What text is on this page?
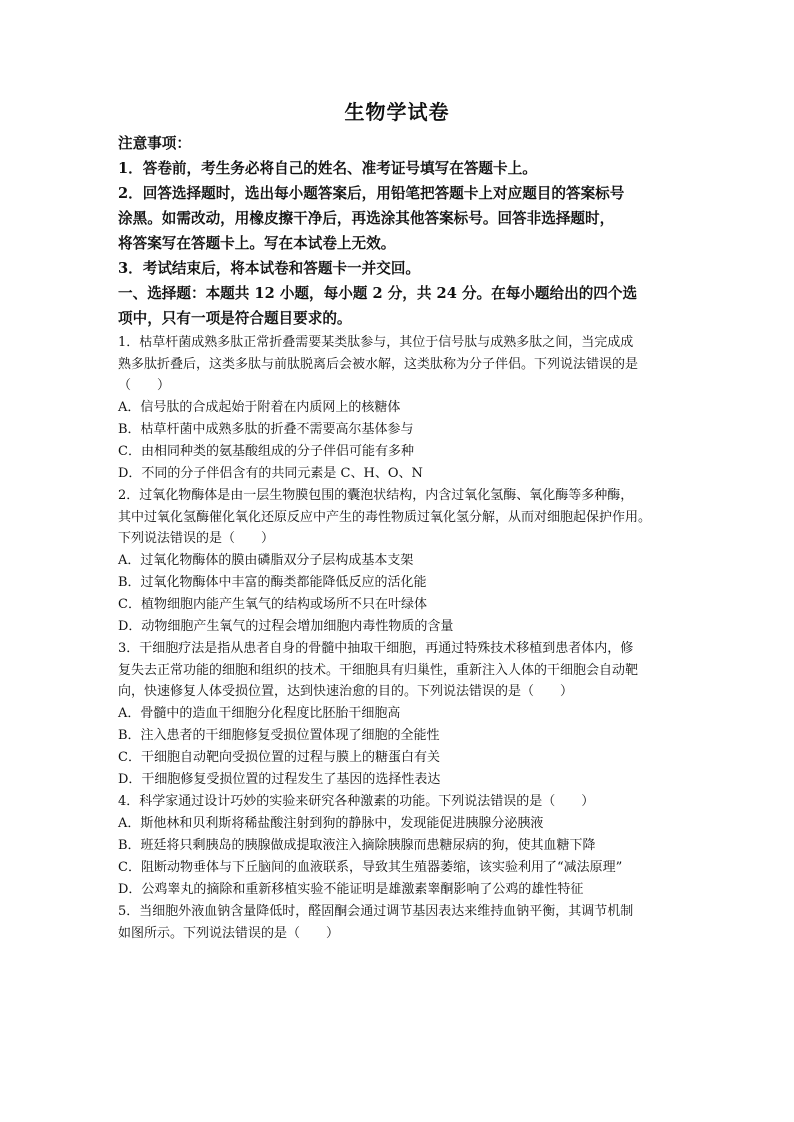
生物学试卷
注意事项：
1．答卷前，考生务必将自己的姓名、准考证号填写在答题卡上。
2．回答选择题时，选出每小题答案后，用铅笔把答题卡上对应题目的答案标号
涂黑。如需改动，用橡皮擦干净后，再选涂其他答案标号。回答非选择题时，
将答案写在答题卡上。写在本试卷上无效。
3．考试结束后，将本试卷和答题卡一并交回。
一、选择题：本题共 12 小题，每小题 2 分，共 24 分。在每小题给出的四个选
项中，只有一项是符合题目要求的。
1．枯草杆菌成熟多肽正常折叠需要某类肽参与，其位于信号肽与成熟多肽之间，当完成成
熟多肽折叠后，这类多肽与前肽脱离后会被水解，这类肽称为分子伴侣。下列说法错误的是
（　　）
A．信号肽的合成起始于附着在内质网上的核糖体
B．枯草杆菌中成熟多肽的折叠不需要高尔基体参与
C．由相同种类的氨基酸组成的分子伴侣可能有多种
D．不同的分子伴侣含有的共同元素是 C、H、O、N
2．过氧化物酶体是由一层生物膜包围的囊泡状结构，内含过氧化氢酶、氧化酶等多种酶，
其中过氧化氢酶催化氧化还原反应中产生的毒性物质过氧化氢分解，从而对细胞起保护作用。
下列说法错误的是（　　）
A．过氧化物酶体的膜由磷脂双分子层构成基本支架
B．过氧化物酶体中丰富的酶类都能降低反应的活化能
C．植物细胞内能产生氧气的结构或场所不只在叶绿体
D．动物细胞产生氧气的过程会增加细胞内毒性物质的含量
3．干细胞疗法是指从患者自身的骨髓中抽取干细胞，再通过特殊技术移植到患者体内，修
复失去正常功能的细胞和组织的技术。干细胞具有归巢性，重新注入人体的干细胞会自动靶
向，快速修复人体受损位置，达到快速治愈的目的。下列说法错误的是（　　）
A．骨髓中的造血干细胞分化程度比胚胎干细胞高
B．注入患者的干细胞修复受损位置体现了细胞的全能性
C．干细胞自动靶向受损位置的过程与膜上的糖蛋白有关
D．干细胞修复受损位置的过程发生了基因的选择性表达
4．科学家通过设计巧妙的实验来研究各种激素的功能。下列说法错误的是（　　）
A．斯他林和贝利斯将稀盐酸注射到狗的静脉中，发现能促进胰腺分泌胰液
B．班廷将只剩胰岛的胰腺做成提取液注入摘除胰腺而患糖尿病的狗，使其血糖下降
C．阻断动物垂体与下丘脑间的血液联系，导致其生殖器萎缩，该实验利用了“减法原理”
D．公鸡睾丸的摘除和重新移植实验不能证明是雄激素睾酮影响了公鸡的雄性特征
5．当细胞外液血钠含量降低时，醛固酮会通过调节基因表达来维持血钠平衡，其调节机制
如图所示。下列说法错误的是（　　）
